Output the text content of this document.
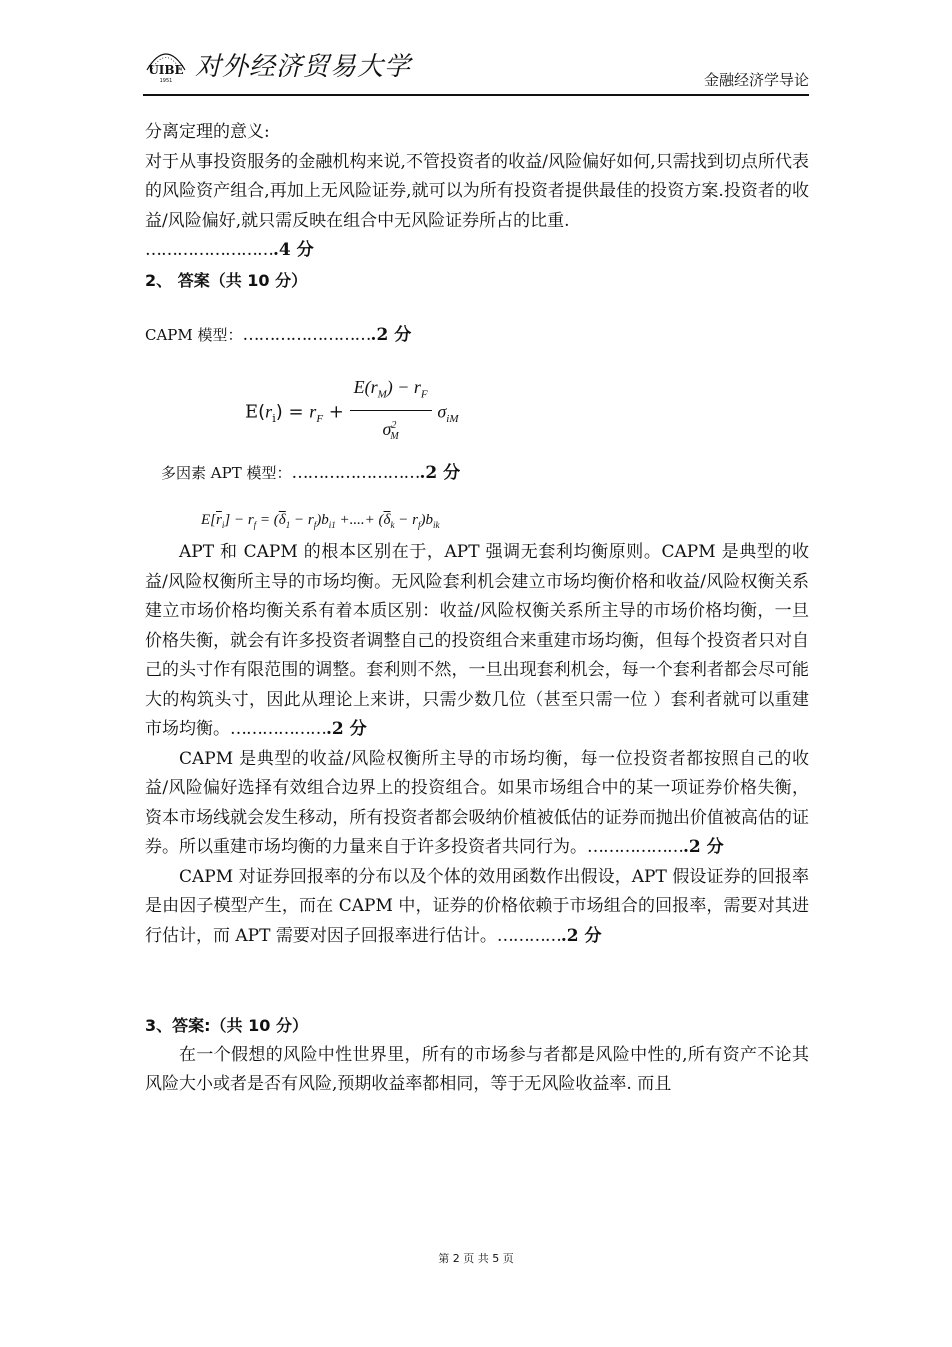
UIBE
1951 对外经济贸易大学	金融经济学导论

分离定理的意义:

对于从事投资服务的金融机构来说,不管投资者的收益/风险偏好如何,只需找到切点所代表的风险资产组合,再加上无风险证券,就可以为所有投资者提供最佳的投资方案.投资者的收益/风险偏好,就只需反映在组合中无风险证券所占的比重.

…………………….4 分

2、 答案（共 10 分）

CAPM 模型：…………………….2 分

$E(r_i) = r_F + \frac{E(r_M) - r_F}{\sigma^2_M} \sigma_{iM}$

多因素 APT 模型：…………………….2 分

$E[\overline{r}_i] - r_f = (\overline{\delta}_1 - r_f)b_{i1}$ +....+ $(\overline{\delta}_k - r_f)b_{ik}$

APT 和 CAPM 的根本区别在于，APT 强调无套利均衡原则。CAPM 是典型的收益/风险权衡所主导的市场均衡。无风险套利机会建立市场均衡价格和收益/风险权衡关系建立市场价格均衡关系有着本质区别：收益/风险权衡关系所主导的市场价格均衡，一旦价格失衡，就会有许多投资者调整自己的投资组合来重建市场均衡，但每个投资者只对自己的头寸作有限范围的调整。套利则不然，一旦出现套利机会，每一个套利者都会尽可能大的构筑头寸，因此从理论上来讲，只需少数几位（甚至只需一位 ）套利者就可以重建市场均衡。……………….2 分

CAPM 是典型的收益/风险权衡所主导的市场均衡，每一位投资者都按照自己的收益/风险偏好选择有效组合边界上的投资组合。如果市场组合中的某一项证券价格失衡，资本市场线就会发生移动，所有投资者都会吸纳价植被低估的证券而抛出价值被高估的证券。所以重建市场均衡的力量来自于许多投资者共同行为。……………….2 分

CAPM 对证券回报率的分布以及个体的效用函数作出假设，APT 假设证券的回报率是由因子模型产生，而在 CAPM 中，证券的价格依赖于市场组合的回报率，需要对其进行估计，而 APT 需要对因子回报率进行估计。………….2 分

3、答案:（共 10 分）

在一个假想的风险中性世界里，所有的市场参与者都是风险中性的,所有资产不论其风险大小或者是否有风险,预期收益率都相同，等于无风险收益率. 而且

第 2 页 共 5 页
